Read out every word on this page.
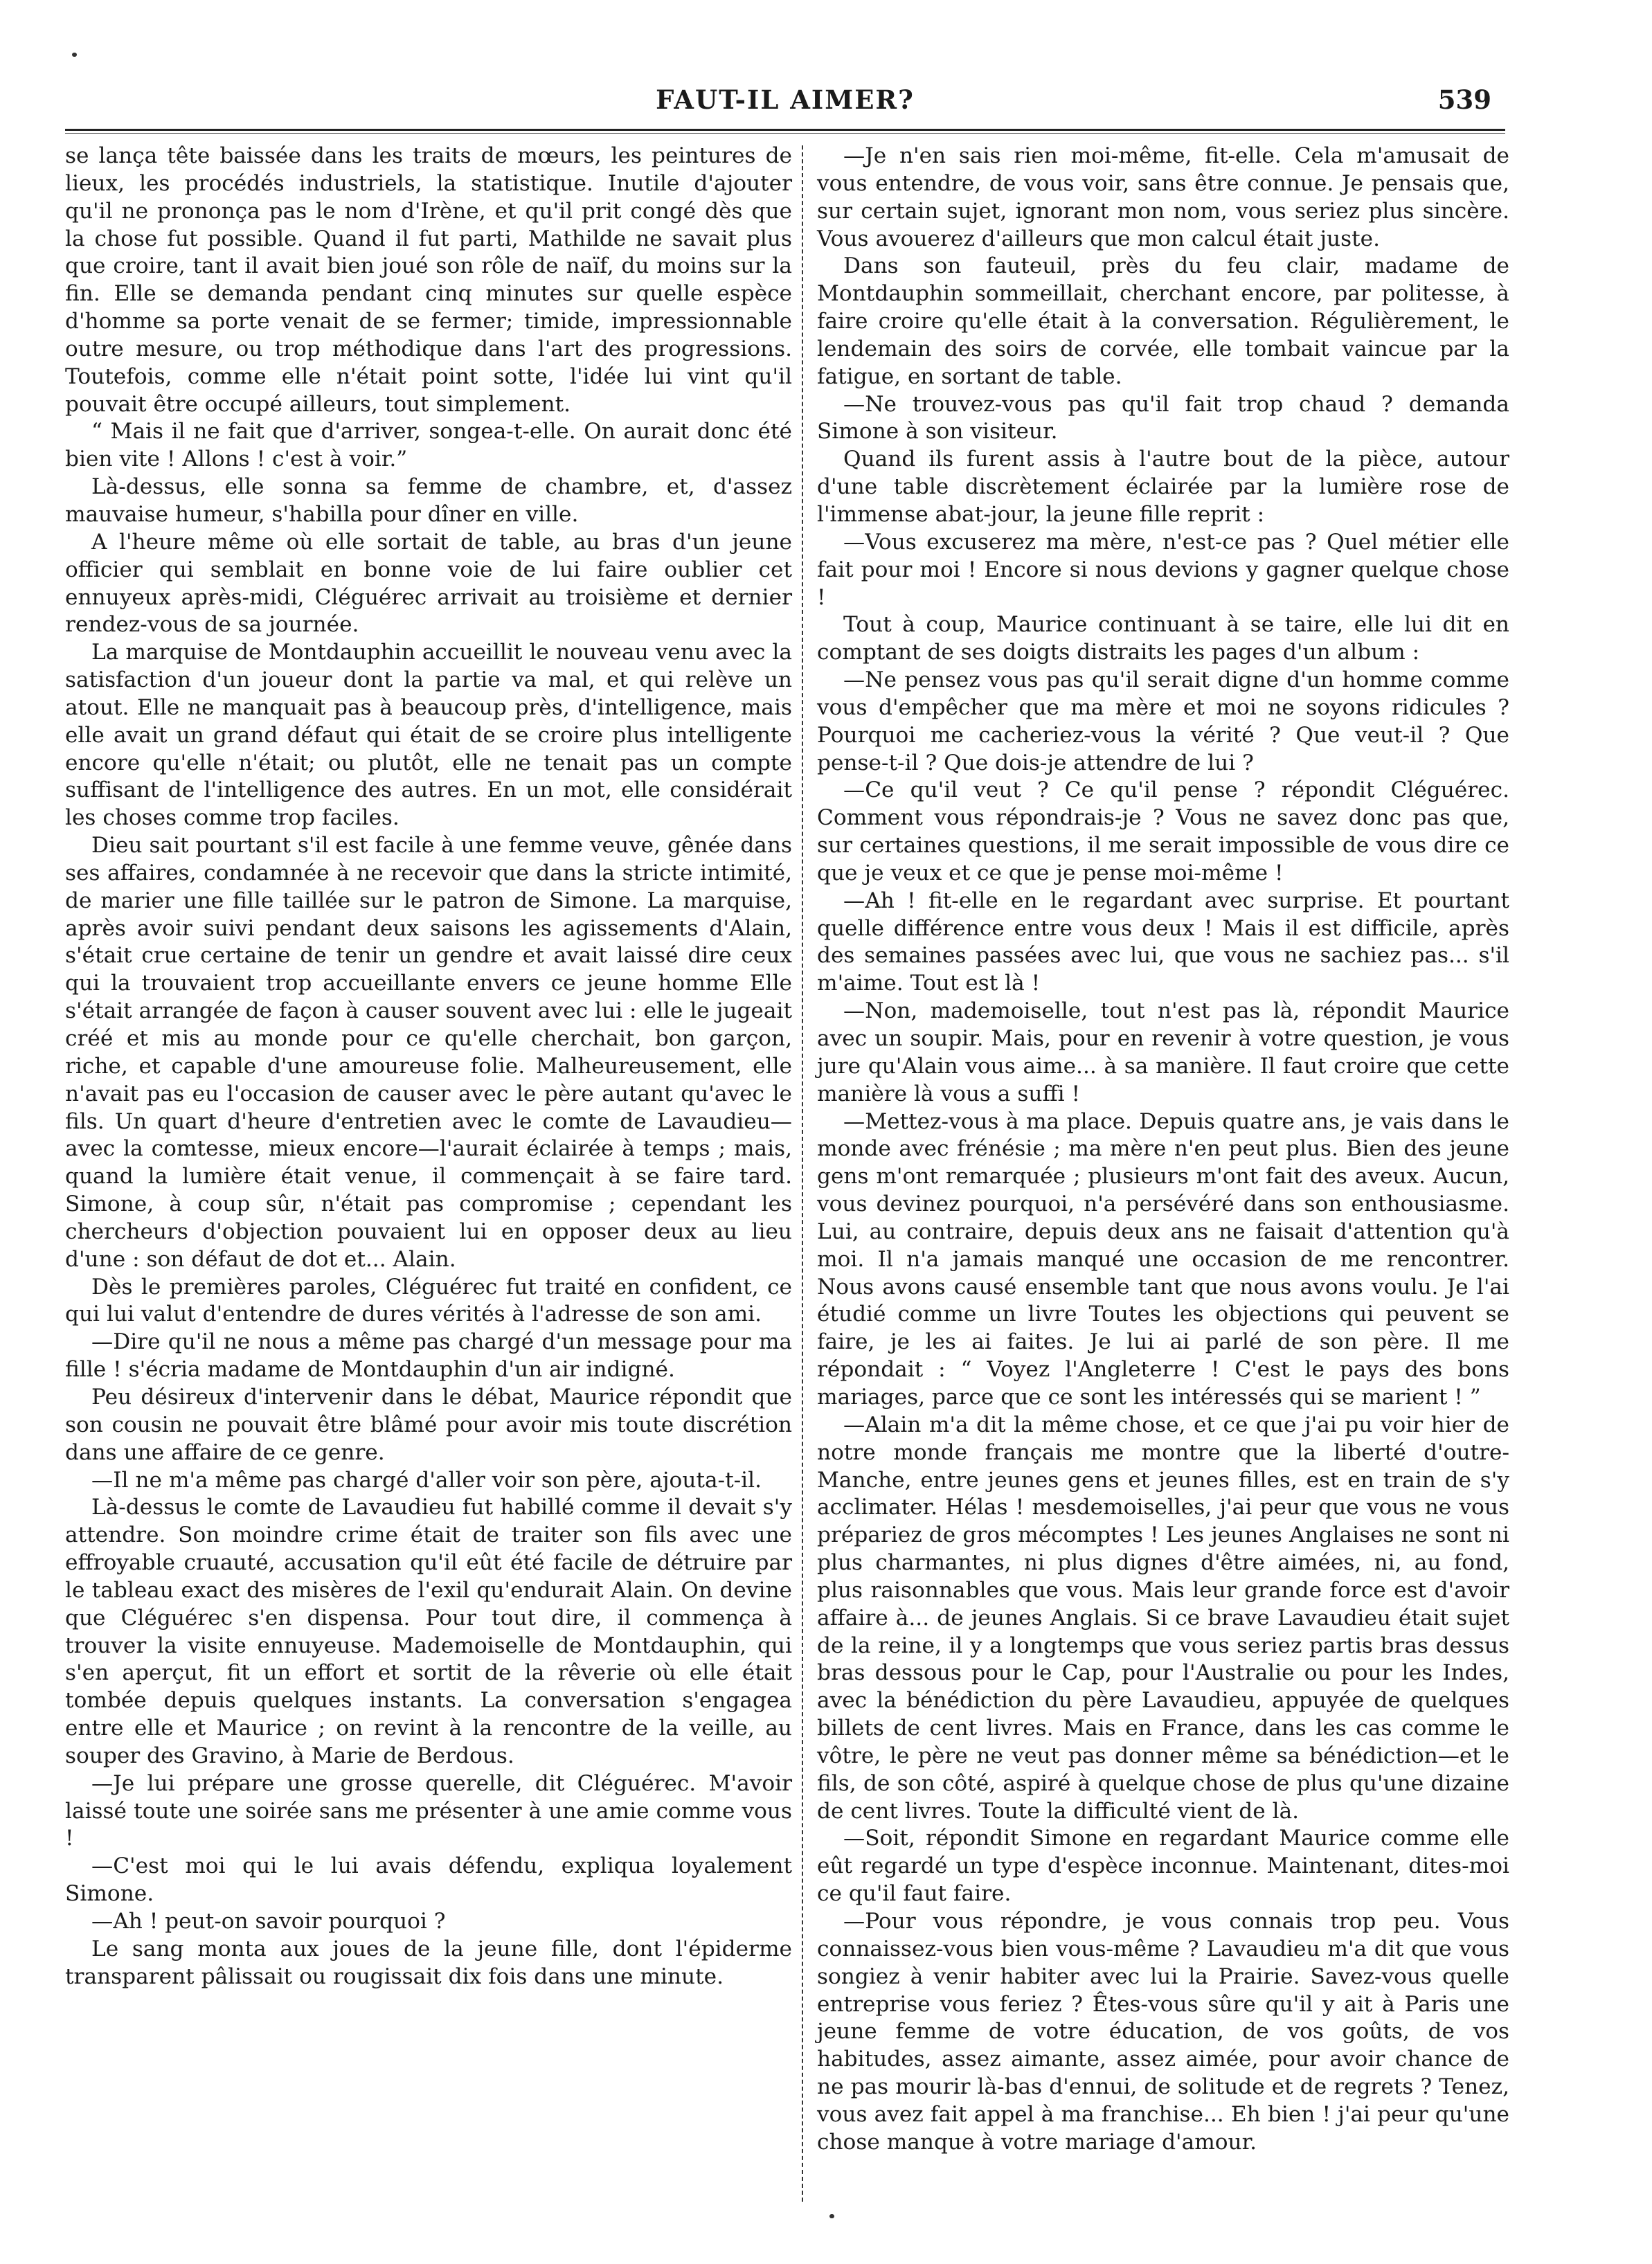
FAUT-IL AIMER?	539

se lança tête baissée dans les traits de mœurs, les peintures de lieux, les procédés industriels, la statistique. Inutile d'ajouter qu'il ne prononça pas le nom d'Irène, et qu'il prit congé dès que la chose fut possible. Quand il fut parti, Mathilde ne savait plus que croire, tant il avait bien joué son rôle de naïf, du moins sur la fin. Elle se demanda pendant cinq minutes sur quelle espèce d'homme sa porte venait de se fermer; timide, impressionnable outre mesure, ou trop méthodique dans l'art des progressions. Toutefois, comme elle n'était point sotte, l'idée lui vint qu'il pouvait être occupé ailleurs, tout simplement.

“ Mais il ne fait que d'arriver, songea-t-elle. On aurait donc été bien vite ! Allons ! c'est à voir.”

Là-dessus, elle sonna sa femme de chambre, et, d'assez mauvaise humeur, s'habilla pour dîner en ville.

A l'heure même où elle sortait de table, au bras d'un jeune officier qui semblait en bonne voie de lui faire oublier cet ennuyeux après-midi, Cléguérec arrivait au troisième et dernier rendez-vous de sa journée.

La marquise de Montdauphin accueillit le nouveau venu avec la satisfaction d'un joueur dont la partie va mal, et qui relève un atout. Elle ne manquait pas à beaucoup près, d'intelligence, mais elle avait un grand défaut qui était de se croire plus intelligente encore qu'elle n'était; ou plutôt, elle ne tenait pas un compte suffisant de l'intelligence des autres. En un mot, elle considérait les choses comme trop faciles.

Dieu sait pourtant s'il est facile à une femme veuve, gênée dans ses affaires, condamnée à ne recevoir que dans la stricte intimité, de marier une fille taillée sur le patron de Simone. La marquise, après avoir suivi pendant deux saisons les agissements d'Alain, s'était crue certaine de tenir un gendre et avait laissé dire ceux qui la trouvaient trop accueillante envers ce jeune homme Elle s'était arrangée de façon à causer souvent avec lui : elle le jugeait créé et mis au monde pour ce qu'elle cherchait, bon garçon, riche, et capable d'une amoureuse folie. Malheureusement, elle n'avait pas eu l'occasion de causer avec le père autant qu'avec le fils. Un quart d'heure d'entretien avec le comte de Lavaudieu—avec la comtesse, mieux encore—l'aurait éclairée à temps ; mais, quand la lumière était venue, il commençait à se faire tard. Simone, à coup sûr, n'était pas compromise ; cependant les chercheurs d'objection pouvaient lui en opposer deux au lieu d'une : son défaut de dot et... Alain.

Dès le premières paroles, Cléguérec fut traité en confident, ce qui lui valut d'entendre de dures vérités à l'adresse de son ami.

—Dire qu'il ne nous a même pas chargé d'un message pour ma fille ! s'écria madame de Montdauphin d'un air indigné.

Peu désireux d'intervenir dans le débat, Maurice répondit que son cousin ne pouvait être blâmé pour avoir mis toute discrétion dans une affaire de ce genre.

—Il ne m'a même pas chargé d'aller voir son père, ajouta-t-il.

Là-dessus le comte de Lavaudieu fut habillé comme il devait s'y attendre. Son moindre crime était de traiter son fils avec une effroyable cruauté, accusation qu'il eût été facile de détruire par le tableau exact des misères de l'exil qu'endurait Alain. On devine que Cléguérec s'en dispensa. Pour tout dire, il commença à trouver la visite ennuyeuse. Mademoiselle de Montdauphin, qui s'en aperçut, fit un effort et sortit de la rêverie où elle était tombée depuis quelques instants. La conversation s'engagea entre elle et Maurice ; on revint à la rencontre de la veille, au souper des Gravino, à Marie de Berdous.

—Je lui prépare une grosse querelle, dit Cléguérec. M'avoir laissé toute une soirée sans me présenter à une amie comme vous !

—C'est moi qui le lui avais défendu, expliqua loyalement Simone.

—Ah ! peut-on savoir pourquoi ?

Le sang monta aux joues de la jeune fille, dont l'épiderme transparent pâlissait ou rougissait dix fois dans une minute.

—Je n'en sais rien moi-même, fit-elle. Cela m'amusait de vous entendre, de vous voir, sans être connue. Je pensais que, sur certain sujet, ignorant mon nom, vous seriez plus sincère. Vous avouerez d'ailleurs que mon calcul était juste.

Dans son fauteuil, près du feu clair, madame de Montdauphin sommeillait, cherchant encore, par politesse, à faire croire qu'elle était à la conversation. Régulièrement, le lendemain des soirs de corvée, elle tombait vaincue par la fatigue, en sortant de table.

—Ne trouvez-vous pas qu'il fait trop chaud ? demanda Simone à son visiteur.

Quand ils furent assis à l'autre bout de la pièce, autour d'une table discrètement éclairée par la lumière rose de l'immense abat-jour, la jeune fille reprit :

—Vous excuserez ma mère, n'est-ce pas ? Quel métier elle fait pour moi ! Encore si nous devions y gagner quelque chose !

Tout à coup, Maurice continuant à se taire, elle lui dit en comptant de ses doigts distraits les pages d'un album :

—Ne pensez vous pas qu'il serait digne d'un homme comme vous d'empêcher que ma mère et moi ne soyons ridicules ? Pourquoi me cacheriez-vous la vérité ? Que veut-il ? Que pense-t-il ? Que dois-je attendre de lui ?

—Ce qu'il veut ? Ce qu'il pense ? répondit Cléguérec. Comment vous répondrais-je ? Vous ne savez donc pas que, sur certaines questions, il me serait impossible de vous dire ce que je veux et ce que je pense moi-même !

—Ah ! fit-elle en le regardant avec surprise. Et pourtant quelle différence entre vous deux ! Mais il est difficile, après des semaines passées avec lui, que vous ne sachiez pas... s'il m'aime. Tout est là !

—Non, mademoiselle, tout n'est pas là, répondit Maurice avec un soupir. Mais, pour en revenir à votre question, je vous jure qu'Alain vous aime... à sa manière. Il faut croire que cette manière là vous a suffi !

—Mettez-vous à ma place. Depuis quatre ans, je vais dans le monde avec frénésie ; ma mère n'en peut plus. Bien des jeune gens m'ont remarquée ; plusieurs m'ont fait des aveux. Aucun, vous devinez pourquoi, n'a persévéré dans son enthousiasme. Lui, au contraire, depuis deux ans ne faisait d'attention qu'à moi. Il n'a jamais manqué une occasion de me rencontrer. Nous avons causé ensemble tant que nous avons voulu. Je l'ai étudié comme un livre Toutes les objections qui peuvent se faire, je les ai faites. Je lui ai parlé de son père. Il me répondait : “ Voyez l'Angleterre ! C'est le pays des bons mariages, parce que ce sont les intéressés qui se marient ! ”

—Alain m'a dit la même chose, et ce que j'ai pu voir hier de notre monde français me montre que la liberté d'outre-Manche, entre jeunes gens et jeunes filles, est en train de s'y acclimater. Hélas ! mesdemoiselles, j'ai peur que vous ne vous prépariez de gros mécomptes ! Les jeunes Anglaises ne sont ni plus charmantes, ni plus dignes d'être aimées, ni, au fond, plus raisonnables que vous. Mais leur grande force est d'avoir affaire à... de jeunes Anglais. Si ce brave Lavaudieu était sujet de la reine, il y a longtemps que vous seriez partis bras dessus bras dessous pour le Cap, pour l'Australie ou pour les Indes, avec la bénédiction du père Lavaudieu, appuyée de quelques billets de cent livres. Mais en France, dans les cas comme le vôtre, le père ne veut pas donner même sa bénédiction—et le fils, de son côté, aspiré à quelque chose de plus qu'une dizaine de cent livres. Toute la difficulté vient de là.

—Soit, répondit Simone en regardant Maurice comme elle eût regardé un type d'espèce inconnue. Maintenant, dites-moi ce qu'il faut faire.

—Pour vous répondre, je vous connais trop peu. Vous connaissez-vous bien vous-même ? Lavaudieu m'a dit que vous songiez à venir habiter avec lui la Prairie. Savez-vous quelle entreprise vous feriez ? Êtes-vous sûre qu'il y ait à Paris une jeune femme de votre éducation, de vos goûts, de vos habitudes, assez aimante, assez aimée, pour avoir chance de ne pas mourir là-bas d'ennui, de solitude et de regrets ? Tenez, vous avez fait appel à ma franchise... Eh bien ! j'ai peur qu'une chose manque à votre mariage d'amour.
